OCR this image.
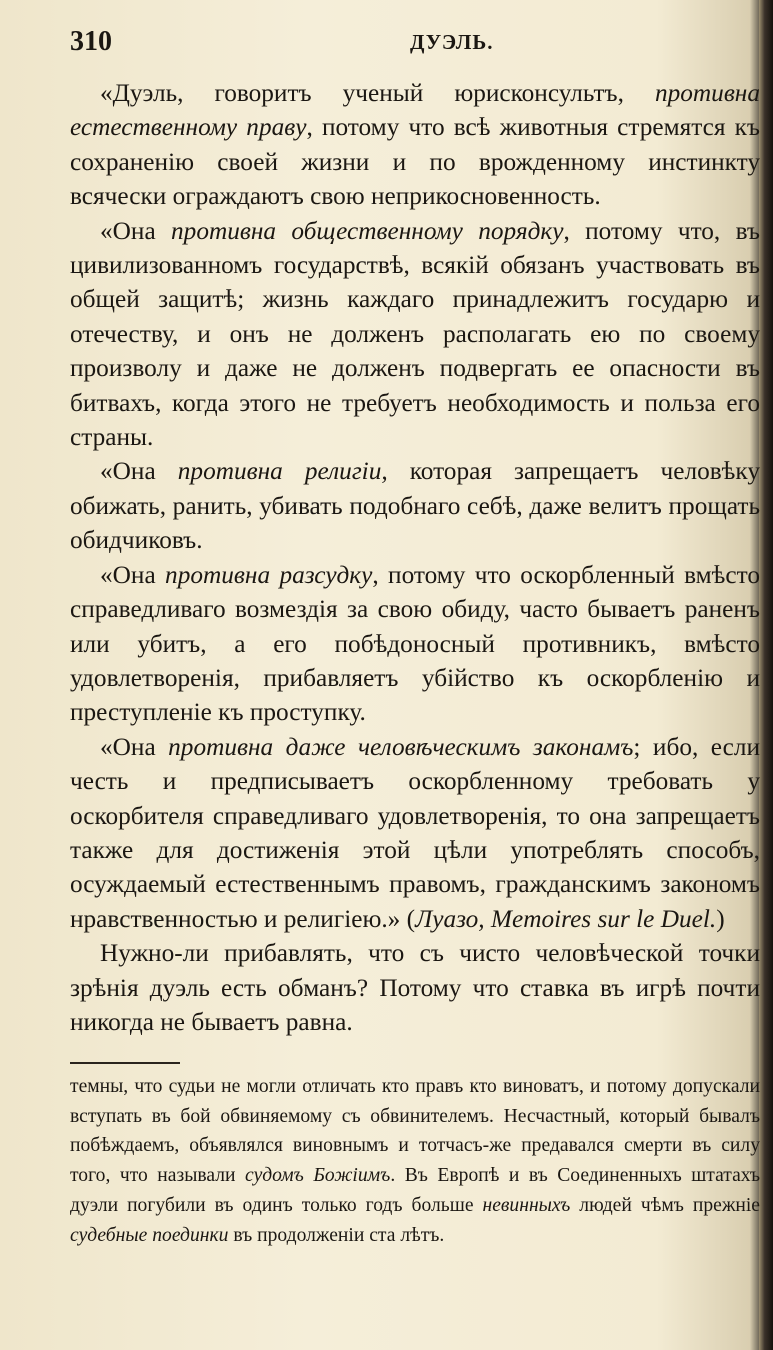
310	ДУЭЛЬ.

«Дуэль, говоритъ ученый юрисконсультъ, противна естественному праву, потому что всѣ животныя стремятся къ сохраненію своей жизни и по врожденному инстинкту всячески ограждаютъ свою неприкосновенность.

«Она противна общественному порядку, потому что, въ цивилизованномъ государствѣ, всякій обязанъ участвовать въ общей защитѣ; жизнь каждаго принадлежитъ государю и отечеству, и онъ не долженъ располагать ею по своему произволу и даже не долженъ подвергать ее опасности въ битвахъ, когда этого не требуетъ необходимость и польза его страны.

«Она противна религіи, которая запрещаетъ человѣку обижать, ранить, убивать подобнаго себѣ, даже велитъ прощать обидчиковъ.

«Она противна разсудку, потому что оскорбленный вмѣсто справедливаго возмездія за свою обиду, часто бываетъ раненъ или убитъ, а его побѣдоносный противникъ, вмѣсто удовлетворенія, прибавляетъ убійство къ оскорбленію и преступленіе къ проступку.

«Она противна даже человѣческимъ законамъ; ибо, если честь и предписываетъ оскорбленному требовать у оскорбителя справедливаго удовлетворенія, то она запрещаетъ также для достиженія этой цѣли употреблять способъ, осуждаемый естественнымъ правомъ, гражданскимъ закономъ нравственностью и религіею.» (Луазо, Memoires sur le Duel.)

Нужно-ли прибавлять, что съ чисто человѣческой точки зрѣнія дуэль есть обманъ? Потому что ставка въ игрѣ почти никогда не бываетъ равна.

темны, что судьи не могли отличать кто правъ кто виноватъ, и потому допускали вступать въ бой обвиняемому съ обвинителемъ. Несчастный, который бывалъ побѣждаемъ, объявлялся виновнымъ и тотчасъ-же предавался смерти въ силу того, что называли судомъ Божіимъ. Въ Европѣ и въ Соединенныхъ штатахъ дуэли погубили въ одинъ только годъ больше невинныхъ людей чѣмъ прежніе судебные поединки въ продолженіи ста лѣтъ.
